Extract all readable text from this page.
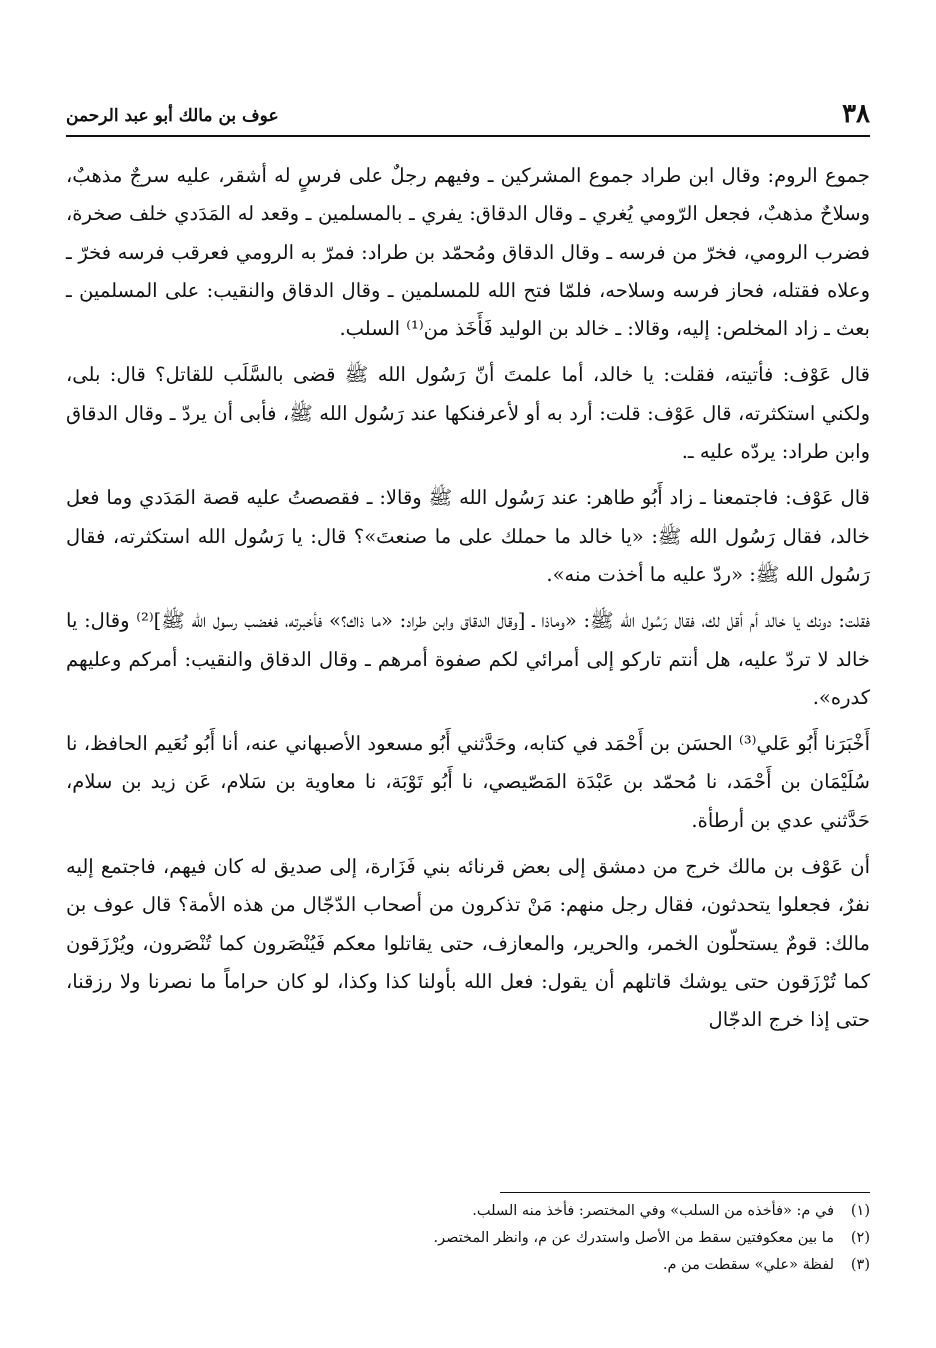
٣٨
عوف بن مالك أبو عبد الرحمن

جموع الروم: وقال ابن طراد جموع المشركين ـ وفيهم رجلٌ على فرسٍ له أشقر، عليه سرجٌ مذهبٌ، وسلاحٌ مذهبٌ، فجعل الرّومي يُغري ـ وقال الدقاق: يفري ـ بالمسلمين ـ وقعد له المَدَدي خلف صخرة، فضرب الرومي، فخرّ من فرسه ـ وقال الدقاق ومُحمّد بن طراد: فمرّ به الرومي فعرقب فرسه فخرّ ـ وعلاه فقتله، فحاز فرسه وسلاحه، فلمّا فتح الله للمسلمين ـ وقال الدقاق والنقيب: على المسلمين ـ بعث ـ زاد المخلص: إليه، وقالا: ـ خالد بن الوليد فَأَخَذ من⁽¹⁾ السلب.

قال عَوْف: فأتيته، فقلت: يا خالد، أما علمتَ أنّ رَسُول الله ﷺ قضى بالسَّلَب للقاتل؟ قال: بلى، ولكني استكثرته، قال عَوْف: قلت: أرد به أو لأعرفنكها عند رَسُول الله ﷺ، فأبى أن يردّ ـ وقال الدقاق وابن طراد: يردّه عليه ـ.

قال عَوْف: فاجتمعنا ـ زاد أَبُو طاهر: عند رَسُول الله ﷺ وقالا: ـ فقصصتُ عليه قصة المَدَدي وما فعل خالد، فقال رَسُول الله ﷺ: «يا خالد ما حملك على ما صنعتَ»؟ قال: يا رَسُول الله استكثرته، فقال رَسُول الله ﷺ: «ردّ عليه ما أخذت منه».

فقلت: دونك يا خالد أم أقل لك، فقال رَسُول الله ﷺ: «وماذا ـ [وقال الدقاق وابن طراد: «ما ذاك؟» فأخبرته، فغضب رسول الله ﷺ]⁽²⁾ وقال: يا خالد لا تردّ عليه، هل أنتم تاركو إلى أمرائي لكم صفوة أمرهم ـ وقال الدقاق والنقيب: أمركم وعليهم كدره».

أَخْبَرَنا أَبُو عَلي⁽³⁾ الحسَن بن أَحْمَد في كتابه، وحَدَّثني أَبُو مسعود الأصبهاني عنه، أنا أَبُو نُعَيم الحافظ، نا سُلَيْمَان بن أَحْمَد، نا مُحمّد بن عَبْدَة المَصّيصي، نا أَبُو تَوْبَة، نا معاوية بن سَلام، عَن زيد بن سلام، حَدَّثني عدي بن أرطأة.

أن عَوْف بن مالك خرج من دمشق إلى بعض قرنائه بني فَزَارة، إلى صديق له كان فيهم، فاجتمع إليه نفرٌ، فجعلوا يتحدثون، فقال رجل منهم: مَنْ تذكرون من أصحاب الدّجّال من هذه الأمة؟ قال عوف بن مالك: قومٌ يستحلّون الخمر، والحرير، والمعازف، حتى يقاتلوا معكم فَيُنْصَرون كما تُنْصَرون، ويُرْزَقون كما تُرْزَقون حتى يوشك قاتلهم أن يقول: فعل الله بأولنا كذا وكذا، لو كان حراماً ما نصرنا ولا رزقنا، حتى إذا خرج الدجّال

(١)
في م: «فأخذه من السلب» وفي المختصر: فأخذ منه السلب.
(٢)
ما بين معكوفتين سقط من الأصل واستدرك عن م، وانظر المختصر.
(٣)
لفظة «علي» سقطت من م.
